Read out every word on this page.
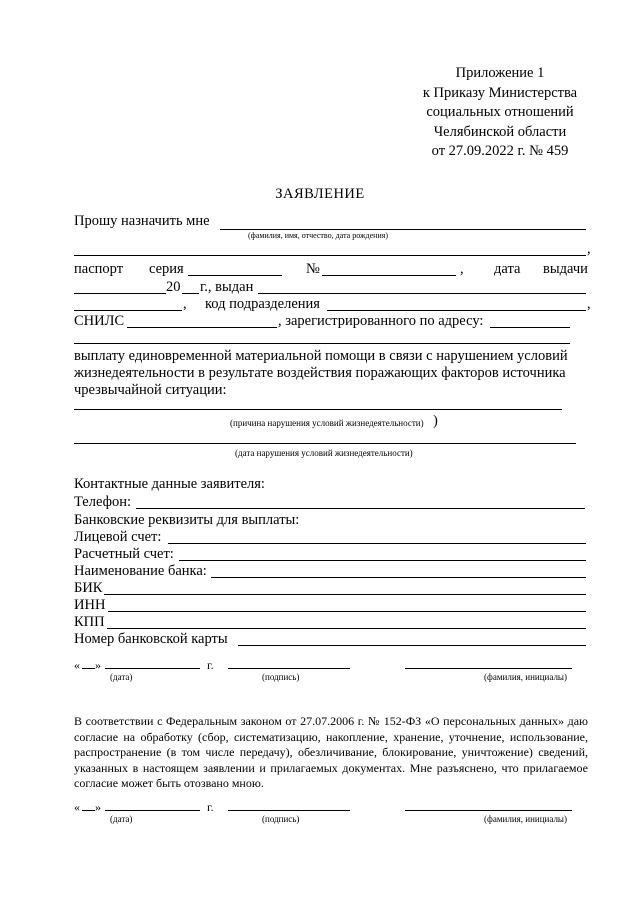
Приложение 1
к Приказу Министерства
социальных отношений
Челябинской области
от 27.09.2022 г. № 459
ЗАЯВЛЕНИЕ
Прошу назначить мне
(фамилия, имя, отчество, дата рождения)
,
паспорт серия	№	, дата выдачи
20 г., выдан
, код подразделения	,
СНИЛС	, зарегистрированного по адресу:
выплату единовременной материальной помощи в связи с нарушением условий
жизнедеятельности в результате воздействия поражающих факторов источника
чрезвычайной ситуации:
(причина нарушения условий жизнедеятельности) )
(дата нарушения условий жизнедеятельности)
Контактные данные заявителя:
Телефон:
Банковские реквизиты для выплаты:
Лицевой счет:
Расчетный счет:
Наименование банка:
БИК
ИНН
КПП
Номер банковской карты
« »	г.
(дата)	(подпись)	(фамилия, инициалы)
В соответствии с Федеральным законом от 27.07.2006 г. № 152-ФЗ «О персональных данных» даю согласие на обработку (сбор, систематизацию, накопление, хранение, уточнение, использование, распространение (в том числе передачу), обезличивание, блокирование, уничтожение) сведений, указанных в настоящем заявлении и прилагаемых документах. Мне разъяснено, что прилагаемое согласие может быть отозвано мною.
« »	г.
(дата)	(подпись)	(фамилия, инициалы)
